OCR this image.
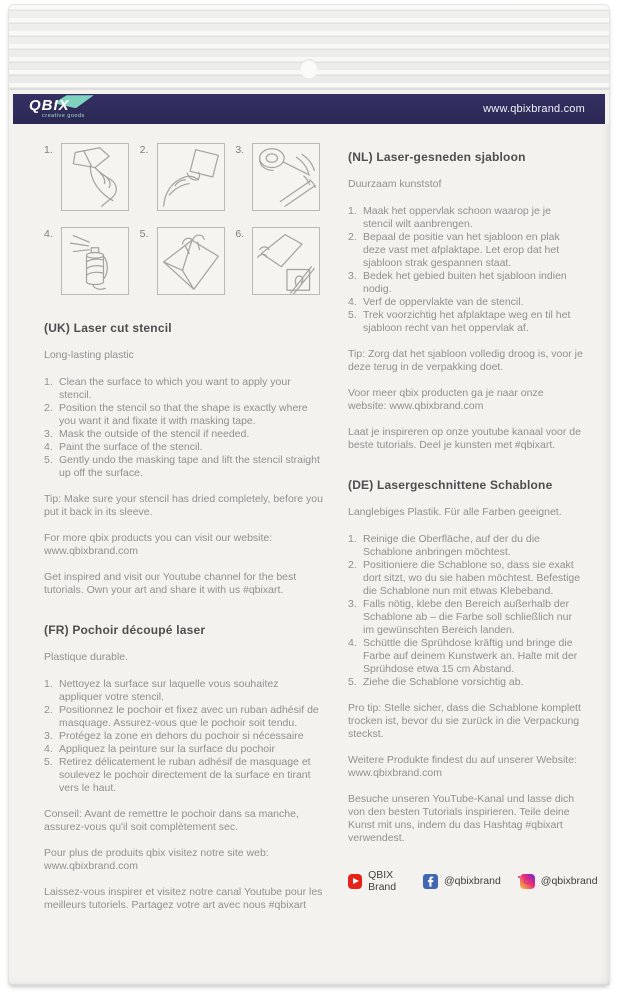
QBIX
creative goods
www.qbixbrand.com
1.	2.	3.
4.	5.	6.
(UK) Laser cut stencil

Long-lasting plastic

1. Clean the surface to which you want to apply your stencil.
2. Position the stencil so that the shape is exactly where you want it and fixate it with masking tape.
3. Mask the outside of the stencil if needed.
4. Paint the surface of the stencil.
5. Gently undo the masking tape and lift the stencil straight up off the surface.

Tip: Make sure your stencil has dried completely, before you put it back in its sleeve.

For more qbix products you can visit our website: www.qbixbrand.com

Get inspired and visit our Youtube channel for the best tutorials. Own your art and share it with us #qbixart.

(FR) Pochoir découpé laser

Plastique durable.

1. Nettoyez la surface sur laquelle vous souhaitez appliquer votre stencil.
2. Positionnez le pochoir et fixez avec un ruban adhésif de masquage. Assurez-vous que le pochoir soit tendu.
3. Protégez la zone en dehors du pochoir si nécessaire
4. Appliquez la peinture sur la surface du pochoir
5. Retirez délicatement le ruban adhésif de masquage et soulevez le pochoir directement de la surface en tirant vers le haut.

Conseil: Avant de remettre le pochoir dans sa manche, assurez-vous qu'il soit complètement sec.

Pour plus de produits qbix visitez notre site web: www.qbixbrand.com

Laissez-vous inspirer et visitez notre canal Youtube pour les meilleurs tutoriels. Partagez votre art avec nous #qbixart

(NL) Laser-gesneden sjabloon

Duurzaam kunststof

1. Maak het oppervlak schoon waarop je je stencil wilt aanbrengen.
2. Bepaal de positie van het sjabloon en plak deze vast met afplaktape. Let erop dat het sjabloon strak gespannen staat.
3. Bedek het gebied buiten het sjabloon indien nodig.
4. Verf de oppervlakte van de stencil.
5. Trek voorzichtig het afplaktape weg en til het sjabloon recht van het oppervlak af.

Tip: Zorg dat het sjabloon volledig droog is, voor je deze terug in de verpakking doet.

Voor meer qbix producten ga je naar onze website: www.qbixbrand.com

Laat je inspireren op onze youtube kanaal voor de beste tutorials. Deel je kunsten met #qbixart.

(DE) Lasergeschnittene Schablone

Langlebiges Plastik. Für alle Farben geeignet.

1. Reinige die Oberfläche, auf der du die Schablone anbringen möchtest.
2. Positioniere die Schablone so, dass sie exakt dort sitzt, wo du sie haben möchtest. Befestige die Schablone nun mit etwas Klebeband.
3. Falls nötig, klebe den Bereich außerhalb der Schablone ab – die Farbe soll schließlich nur im gewünschten Bereich landen.
4. Schüttle die Sprühdose kräftig und bringe die Farbe auf deinem Kunstwerk an. Halte mit der Sprühdose etwa 15 cm Abstand.
5. Ziehe die Schablone vorsichtig ab.

Pro tip: Stelle sicher, dass die Schablone komplett trocken ist, bevor du sie zurück in die Verpackung steckst.

Weitere Produkte findest du auf unserer Website: www.qbixbrand.com

Besuche unseren YouTube-Kanal und lasse dich von den besten Tutorials inspirieren. Teile deine Kunst mit uns, indem du das Hashtag #qbixart verwendest.

QBIX Brand	@qbixbrand	@qbixbrand
